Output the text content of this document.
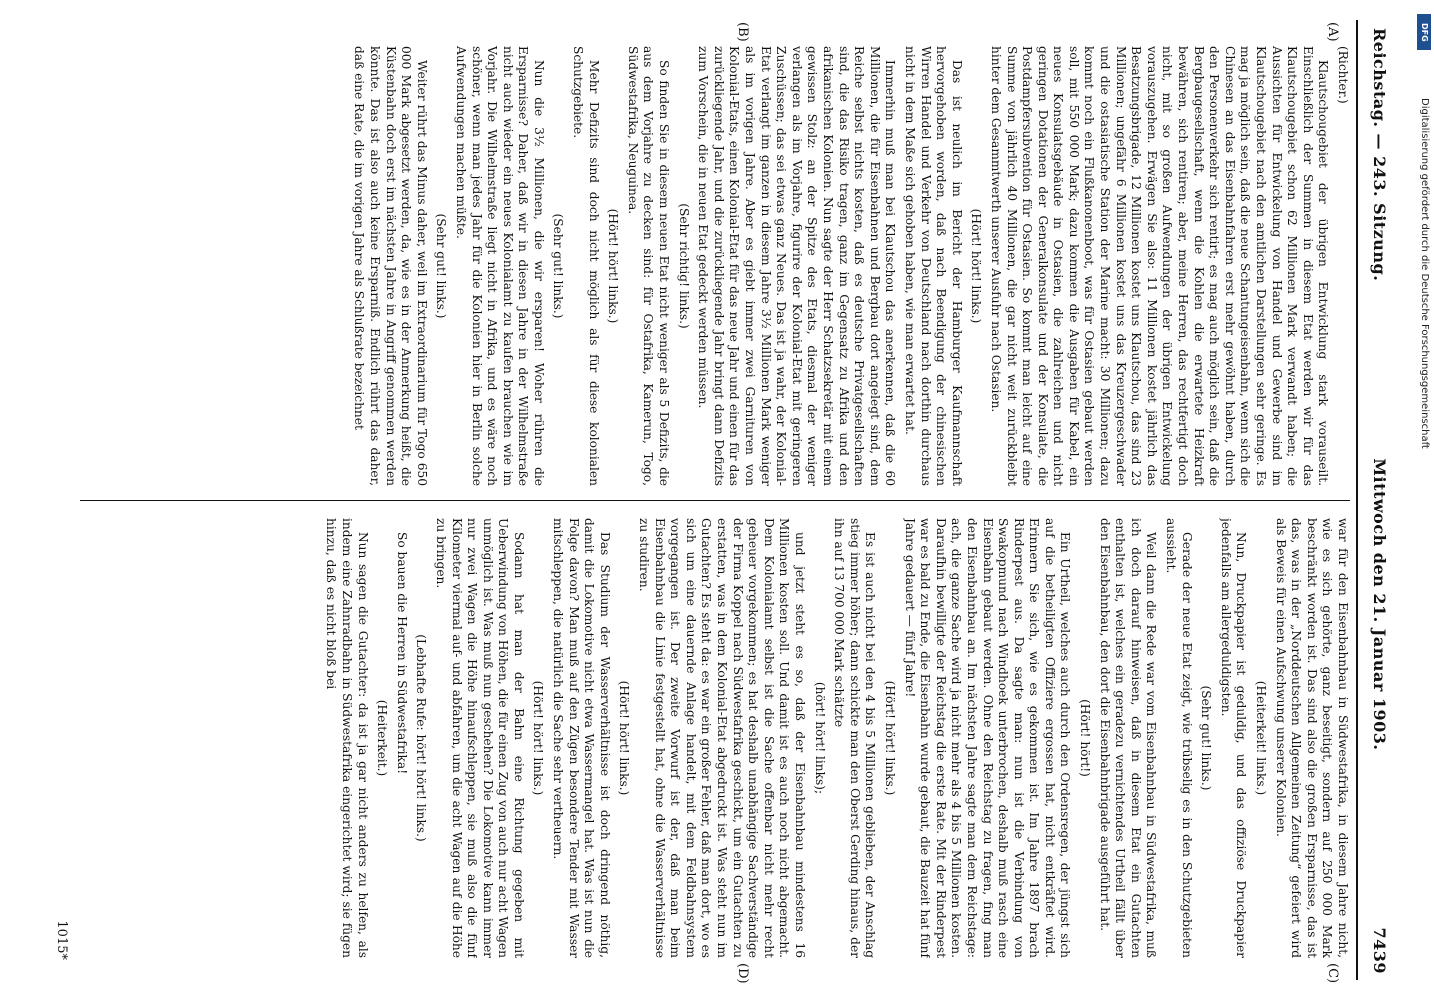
Reichstag. — 243. Sitzung.
Mittwoch den 21. Januar 1903.
7439
(A)
(B)
(C)
(D)

(Richter.)

Klautschougebiet der übrigen Entwicklung stark vorauseilt. Einschließlich der Summen in diesem Etat werden wir für das Klautschougebiet schon 62 Millionen Mark verwandt haben; die Aussichten für Entwickelung von Handel und Gewerbe sind im Klautschougebiet nach den amtlichen Darstellungen sehr geringe. Es mag ja möglich sein, daß die neue Schantungeisenbahn, wenn sich die Chinesen an das Eisenbahnfahren erst mehr gewöhnt haben, durch den Personenverkehr sich rentirt; es mag auch möglich sein, daß die Bergbaugesellschaft, wenn die Kohlen die erwartete Heizkraft bewähren, sich rentiren; aber, meine Herren, das rechtfertigt doch nicht, mit so großen Aufwendungen der übrigen Entwickelung vorauszugehen. Erwägen Sie also: 11 Millionen kostet jährlich das Besatzungsbrigade, 12 Millionen kostet uns Klautschou, das sind 23 Millionen; ungefähr 6 Millionen kostet uns das Kreuzergeschwader und die ostasiatische Station der Marine macht: 30 Millionen; dazu kommt noch ein Flußkanonenboot, was für Ostasien gebaut werden soll, mit 550 000 Mark; dazu kommen die Ausgaben für Kabel, ein neues Konsulatsgebäude in Ostasien, die zahlreichen und nicht geringen Dotationen der Generalkonsulate und der Konsulate, die Postdampfersubvention für Ostasien. So kommt man leicht auf eine Summe von jährlich 40 Millionen, die gar nicht weit zurückbleibt hinter dem Gesammtwerth unserer Ausfuhr nach Ostasien.

(Hört! hört! links.)

Das ist neulich im Bericht der Hamburger Kaufmannschaft hervorgehoben worden, daß nach Beendigung der chinesischen Wirren Handel und Verkehr von Deutschland nach dorthin durchaus nicht in dem Maße sich gehoben haben, wie man erwartet hat.

Immerhin muß man bei Klautschou das anerkennen, daß die 60 Millionen, die für Eisenbahnen und Bergbau dort angelegt sind, dem Reiche selbst nichts kosten, daß es deutsche Privatgesellschaften sind, die das Risiko tragen, ganz im Gegensatz zu Afrika und den afrikanischen Kolonien. Nun sagte der Herr Schatzsekretär mit einem gewissen Stolz: an der Spitze des Etats, diesmal der weniger verlangen als im Vorjahre, figurire der Kolonial-Etat mit geringeren Zuschüssen; das sei etwas ganz Neues. Das ist ja wahr, der Kolonial-Etat verlangt im ganzen in diesem Jahre 3½ Millionen Mark weniger als im vorigen Jahre. Aber es giebt immer zwei Garnituren von Kolonial-Etats, einen Kolonial-Etat für das neue Jahr und einen für das zurückliegende Jahr, und die zurückliegende Jahr bringt dann Defizits zum Vorschein, die in neuen Etat gedeckt werden müssen.

(Sehr richtig! links.)

So finden Sie in diesem neuen Etat nicht weniger als 5 Defizits, die aus dem Vorjahre zu decken sind: für Ostafrika, Kamerun, Togo, Südwestafrika, Neuguinea.

(Hört! hört! links.)

Mehr Defizits sind doch nicht möglich als für diese kolonialen Schutzgebiete.

(Sehr gut! links.)

Nun die 3½ Millionen, die wir ersparen! Woher rühren die Ersparnisse? Daher, daß wir in diesen Jahre in der Wilhelmstraße nicht auch wieder ein neues Kolonialamt zu kaufen brauchen wie im Vorjahr. Die Wilhelmstraße liegt nicht in Afrika, und es wäre noch schöner, wenn man jedes Jahr für die Kolonien hier in Berlin solche Aufwendungen machen müßte.

(Sehr gut! links.)

Weiter rührt das Minus daher, weil im Extraordinarium für Togo 650 000 Mark abgesetzt werden, da, wie es in der Anmerkung heißt, die Küstenbahn doch erst im nächsten Jahre in Angriff genommen werden könnte. Das ist also auch keine Ersparniß. Endlich rührt das daher, daß eine Rate, die im vorigen Jahre als Schlußrate bezeichnet

war für den Eisenbahnbau in Südwestafrika, in diesem Jahre nicht, wie es sich gehörte, ganz beseitigt, sondern auf 250 000 Mark beschränkt worden ist. Das sind also die großen Ersparnisse, das ist das, was in der „Norddeutschen Allgemeinen Zeitung“ gefeiert wird als Beweis für einen Aufschwung unserer Kolonien.

(Heiterkeit! links.)

Nun, Druckpapier ist geduldig, und das offiziöse Druckpapier jedenfalls am allergeduldigsten.

(Sehr gut! links.)

Gerade der neue Etat zeigt, wie trübselig es in den Schutzgebieten aussieht.

Weil dann die Rede war vom Eisenbahnbau in Südwestafrika, muß ich doch darauf hinweisen, daß in diesem Etat ein Gutachten enthalten ist, welches ein geradezu vernichtendes Urtheil fällt über den Eisenbahnbau, den dort die Eisenbahnbrigade ausgeführt hat.

(Hört! hört!)

Ein Urtheil, welches auch durch den Ordensregen, der jüngst sich auf die betheiligten Offiziere ergossen hat, nicht entkräftet wird. Erinnern Sie sich, wie es gekommen ist. Im Jahre 1897 brach Rinderpest aus. Da sagte man: nun ist die Verbindung von Swakopmund nach Windhoek unterbrochen, deshalb muß rasch eine Eisenbahn gebaut werden. Ohne den Reichstag zu fragen, fing man den Eisenbahnbau an. Im nächsten Jahre sagte man dem Reichstage: ach, die ganze Sache wird ja nicht mehr als 4 bis 5 Millionen kosten. Daraufhin bewilligte der Reichstag die erste Rate. Mit der Rinderpest war es bald zu Ende, die Eisenbahn wurde gebaut, die Bauzeit hat fünf Jahre gedauert — fünf Jahre!

(Hört! hört! links.)

Es ist auch nicht bei den 4 bis 5 Millionen geblieben, der Anschlag stieg immer höher; dann schickte man den Oberst Gerding hinaus, der ihn auf 13 700 000 Mark schätzte

(hört! hört! links);

und jetzt steht es so, daß der Eisenbahnbau mindestens 16 Millionen kosten soll. Und damit ist es auch noch nicht abgemacht. Dem Kolonialamt selbst ist die Sache offenbar nicht mehr recht geheuer vorgekommen; es hat deshalb unabhängige Sachverständige der Firma Koppel nach Südwestafrika geschickt, um ein Gutachten zu erstatten, was in dem Kolonial-Etat abgedruckt ist. Was steht nun im Gutachten? Es steht da: es war ein großer Fehler, daß man dort, wo es sich um eine dauernde Anlage handelt, mit dem Feldbahnsystem vorgegangen ist. Der zweite Vorwurf ist der, daß man beim Eisenbahnbau die Linie festgestellt hat, ohne die Wasserverhältnisse zu studiren.

(Hört! hört! links.)

Das Studium der Wasserverhältnisse ist doch dringend nöthig, damit die Lokomotive nicht etwa Wassermangel hat. Was ist nun die Folge davon? Man muß auf den Zügen besondere Tender mit Wasser mitschleppen, die natürlich die Sache sehr vertheuern.

(Hört! hört! links.)

Sodann hat man der Bahn eine Richtung gegeben mit Ueberwindung von Höhen, die für einen Zug von auch nur acht Wagen unmöglich ist. Was muß nun geschehen? Die Lokomotive kann immer nur zwei Wagen die Höhe hinaufschleppen, sie muß also die fünf Kilometer viermal auf- und abfahren, um die acht Wagen auf die Höhe zu bringen.

(Lebhafte Rufe: hört! hört! links.)

So bauen die Herren in Südwestafrika!

(Heiterkeit.)

Nun sagen die Gutachter: da ist ja gar nicht anders zu helfen, als indem eine Zahnradbahn in Südwestafrika eingerichtet wird; sie fügen hinzu, daß es nicht bloß bei

1015*
DFG
Digitalisierung gefördert durch die Deutsche Forschungsgemeinschaft
